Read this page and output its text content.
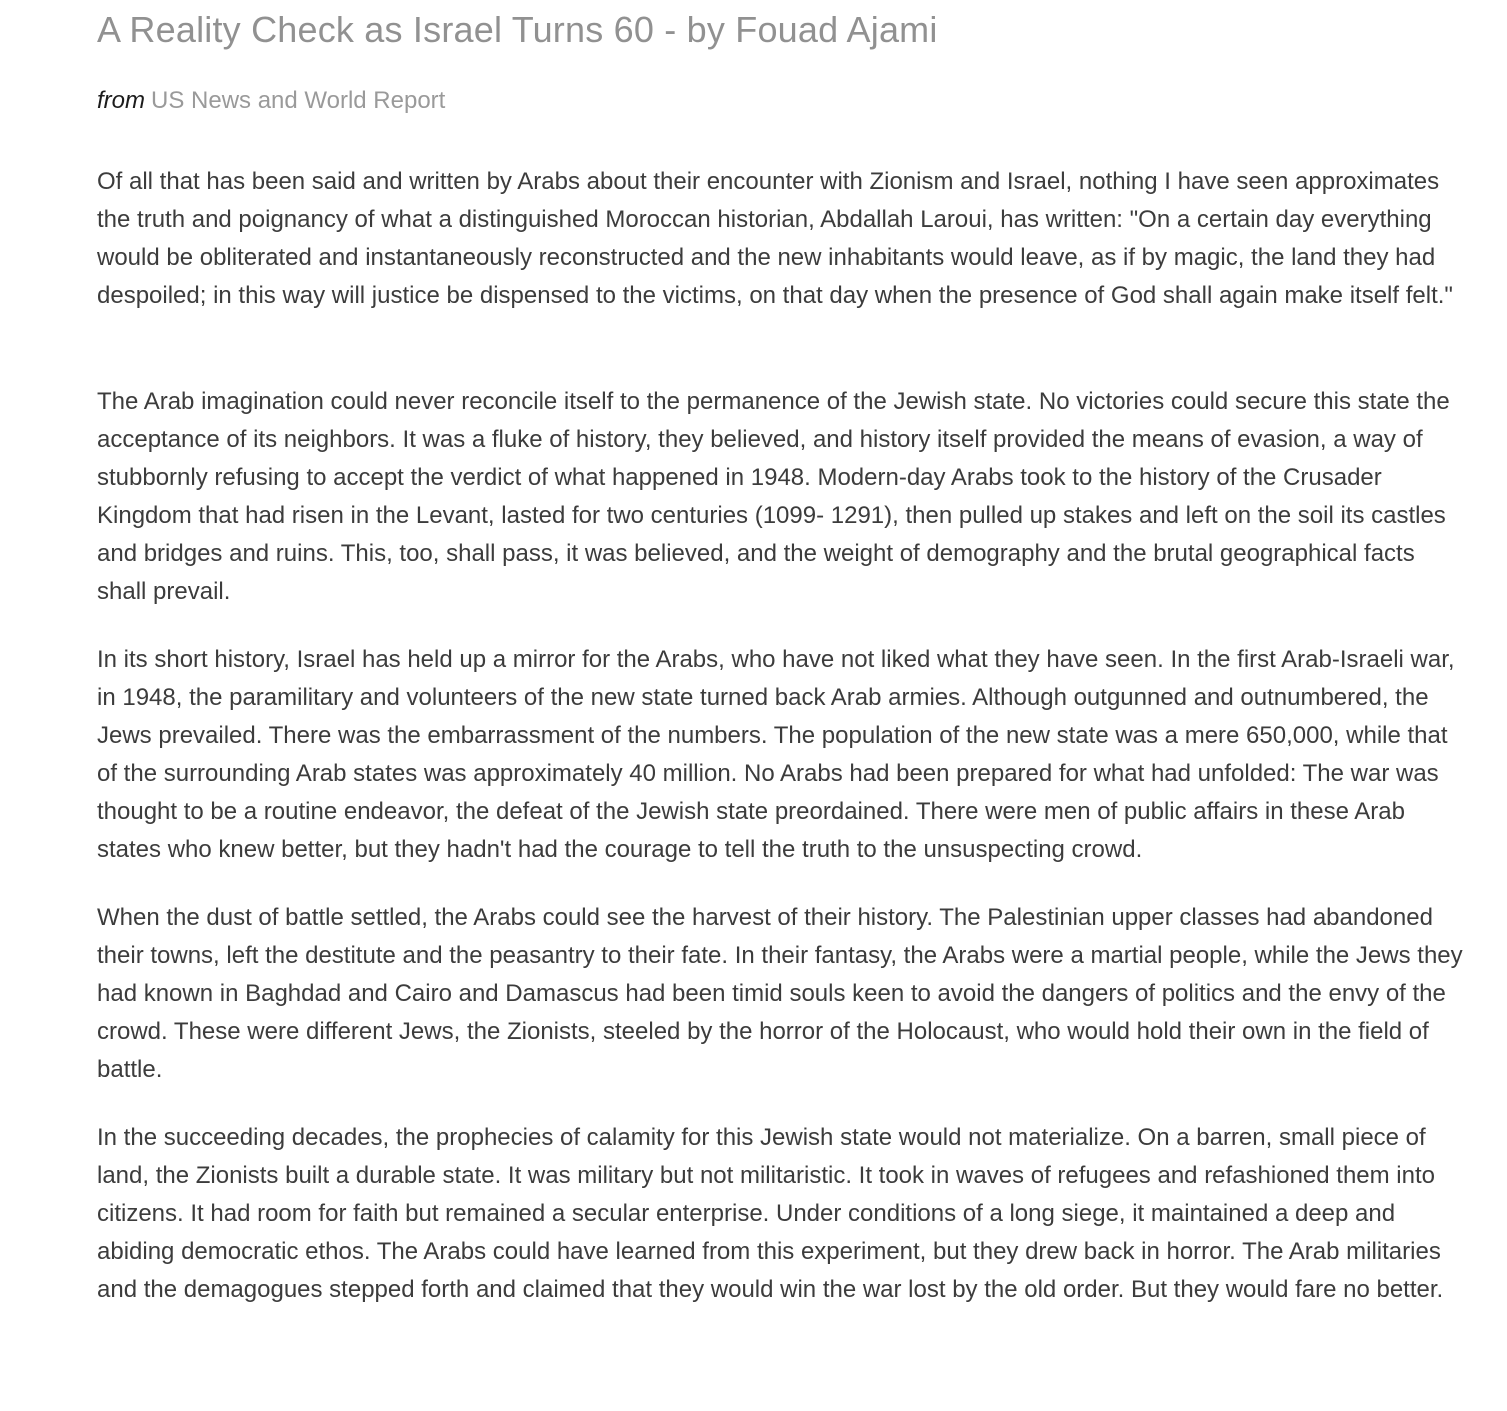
A Reality Check as Israel Turns 60 - by Fouad Ajami

from US News and World Report

Of all that has been said and written by Arabs about their encounter with Zionism and Israel, nothing I have seen approximates the truth and poignancy of what a distinguished Moroccan historian, Abdallah Laroui, has written: "On a certain day everything would be obliterated and instantaneously reconstructed and the new inhabitants would leave, as if by magic, the land they had despoiled; in this way will justice be dispensed to the victims, on that day when the presence of God shall again make itself felt."

The Arab imagination could never reconcile itself to the permanence of the Jewish state. No victories could secure this state the acceptance of its neighbors. It was a fluke of history, they believed, and history itself provided the means of evasion, a way of stubbornly refusing to accept the verdict of what happened in 1948. Modern-day Arabs took to the history of the Crusader Kingdom that had risen in the Levant, lasted for two centuries (1099- 1291), then pulled up stakes and left on the soil its castles and bridges and ruins. This, too, shall pass, it was believed, and the weight of demography and the brutal geographical facts shall prevail.

In its short history, Israel has held up a mirror for the Arabs, who have not liked what they have seen. In the first Arab-Israeli war, in 1948, the paramilitary and volunteers of the new state turned back Arab armies. Although outgunned and outnumbered, the Jews prevailed. There was the embarrassment of the numbers. The population of the new state was a mere 650,000, while that of the surrounding Arab states was approximately 40 million. No Arabs had been prepared for what had unfolded: The war was thought to be a routine endeavor, the defeat of the Jewish state preordained. There were men of public affairs in these Arab states who knew better, but they hadn't had the courage to tell the truth to the unsuspecting crowd.

When the dust of battle settled, the Arabs could see the harvest of their history. The Palestinian upper classes had abandoned their towns, left the destitute and the peasantry to their fate. In their fantasy, the Arabs were a martial people, while the Jews they had known in Baghdad and Cairo and Damascus had been timid souls keen to avoid the dangers of politics and the envy of the crowd. These were different Jews, the Zionists, steeled by the horror of the Holocaust, who would hold their own in the field of battle.

In the succeeding decades, the prophecies of calamity for this Jewish state would not materialize. On a barren, small piece of land, the Zionists built a durable state. It was military but not militaristic. It took in waves of refugees and refashioned them into citizens. It had room for faith but remained a secular enterprise. Under conditions of a long siege, it maintained a deep and abiding democratic ethos. The Arabs could have learned from this experiment, but they drew back in horror. The Arab militaries and the demagogues stepped forth and claimed that they would win the war lost by the old order. But they would fare no better.
